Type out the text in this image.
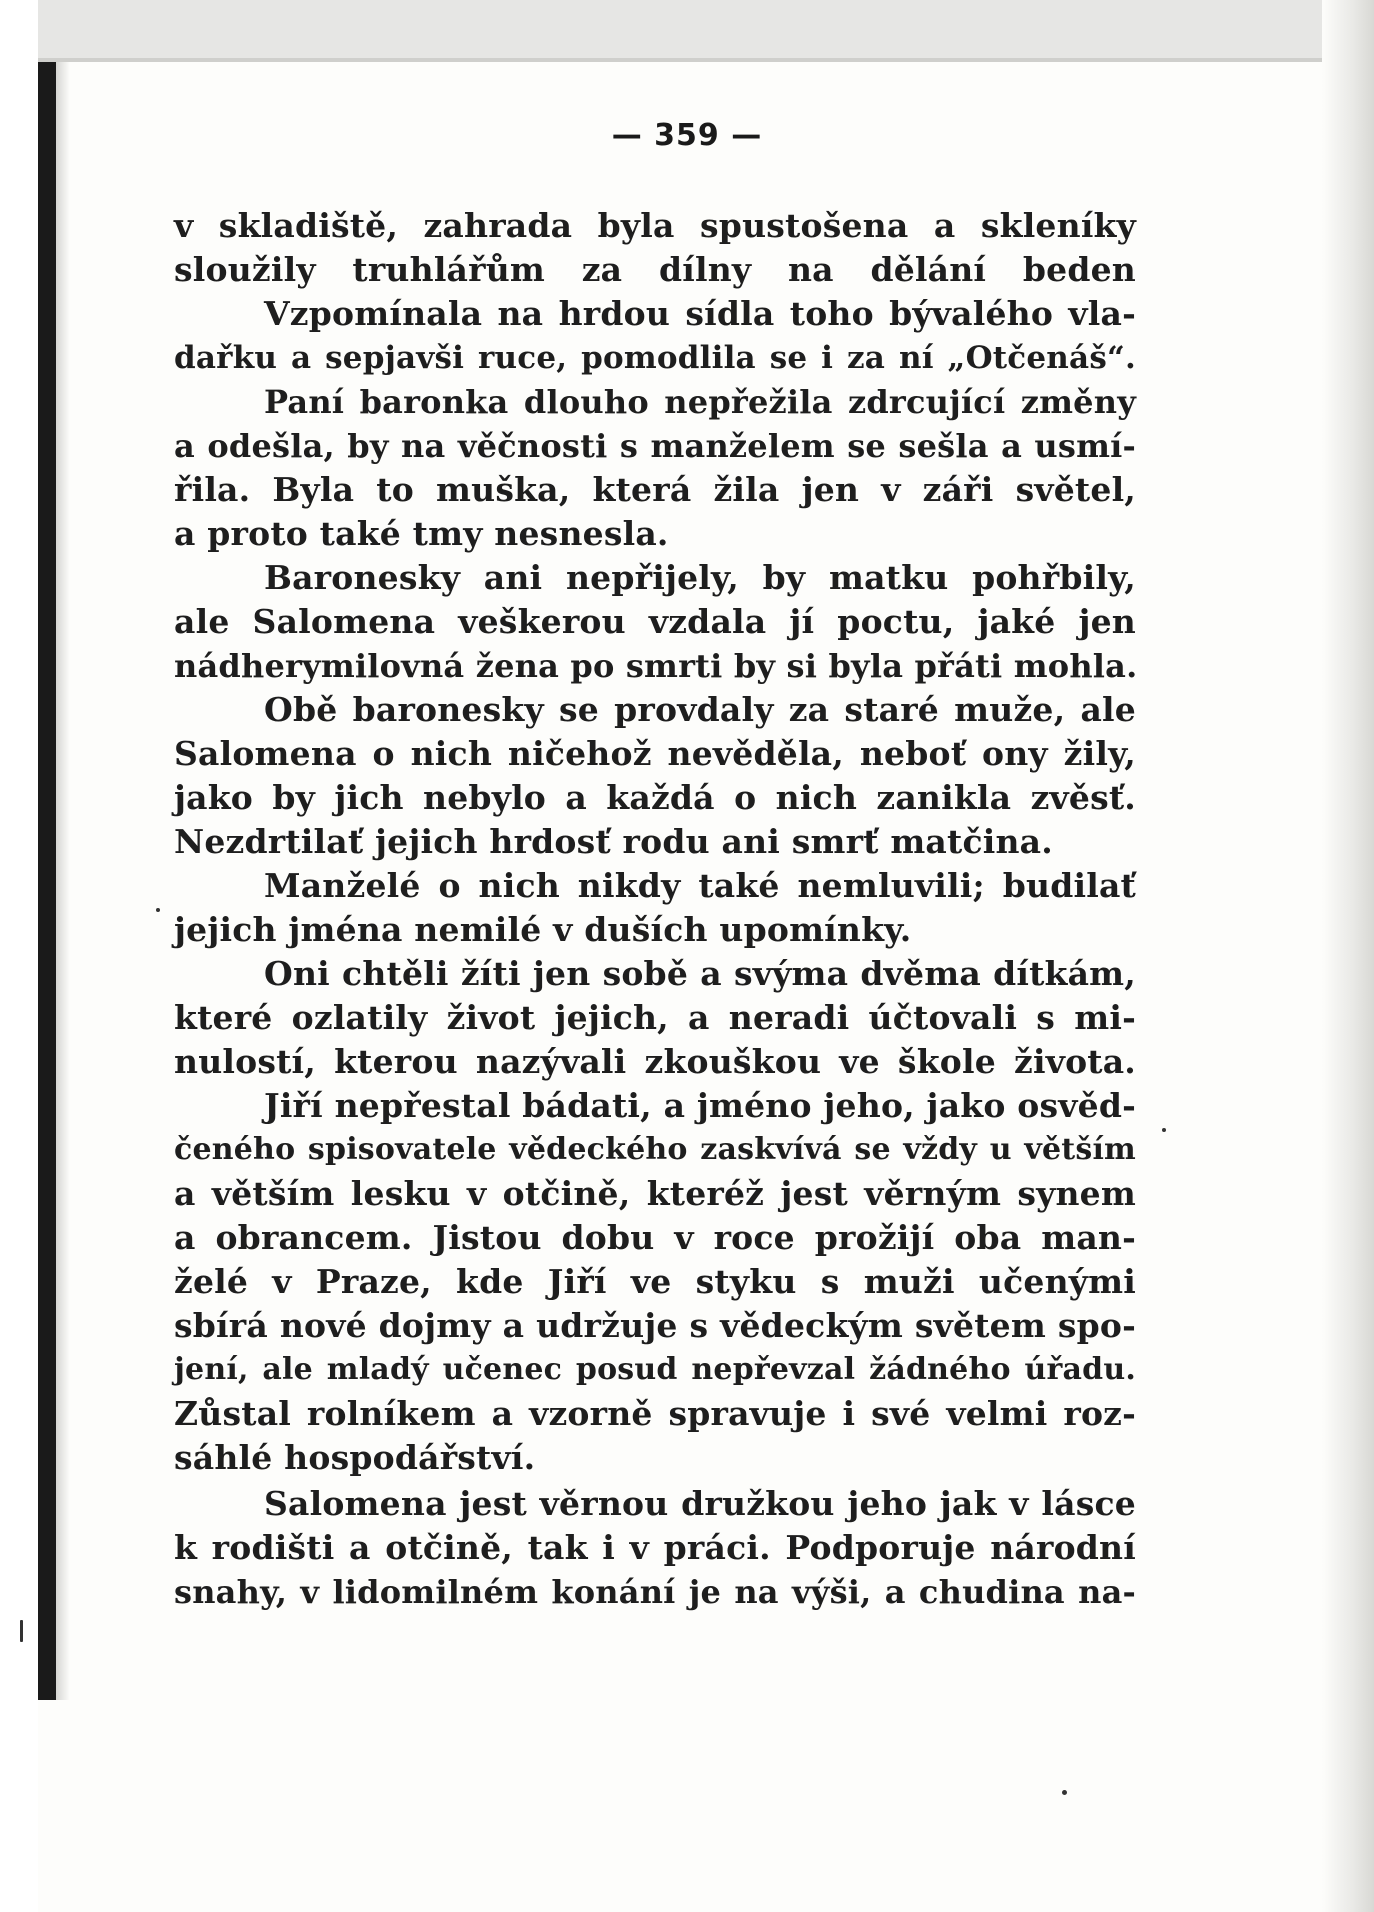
— 359 —
v skladiště, zahrada byla spustošena a skleníky
sloužily truhlářům za dílny na dělání beden
Vzpomínala na hrdou sídla toho bývalého vla-
dařku a sepjavši ruce, pomodlila se i za ní „Otčenáš“.
Paní baronka dlouho nepřežila zdrcující změny
a odešla, by na věčnosti s manželem se sešla a usmí-
řila. Byla to muška, která žila jen v záři světel,
a proto také tmy nesnesla.
Baronesky ani nepřijely, by matku pohřbily,
ale Salomena veškerou vzdala jí poctu, jaké jen
nádherymilovná žena po smrti by si byla přáti mohla.
Obě baronesky se provdaly za staré muže, ale
Salomena o nich ničehož nevěděla, neboť ony žily,
jako by jich nebylo a každá o nich zanikla zvěsť.
Nezdrtilať jejich hrdosť rodu ani smrť matčina.
Manželé o nich nikdy také nemluvili; budilať
jejich jména nemilé v duších upomínky.
Oni chtěli žíti jen sobě a svýma dvěma dítkám,
které ozlatily život jejich, a neradi účtovali s mi-
nulostí, kterou nazývali zkouškou ve škole života.
Jiří nepřestal bádati, a jméno jeho, jako osvěd-
čeného spisovatele vědeckého zaskvívá se vždy u větším
a větším lesku v otčině, kteréž jest věrným synem
a obrancem. Jistou dobu v roce prožijí oba man-
želé v Praze, kde Jiří ve styku s muži učenými
sbírá nové dojmy a udržuje s vědeckým světem spo-
jení, ale mladý učenec posud nepřevzal žádného úřadu.
Zůstal rolníkem a vzorně spravuje i své velmi roz-
sáhlé hospodářství.
Salomena jest věrnou družkou jeho jak v lásce
k rodišti a otčině, tak i v práci. Podporuje národní
snahy, v lidomilném konání je na výši, a chudina na-
